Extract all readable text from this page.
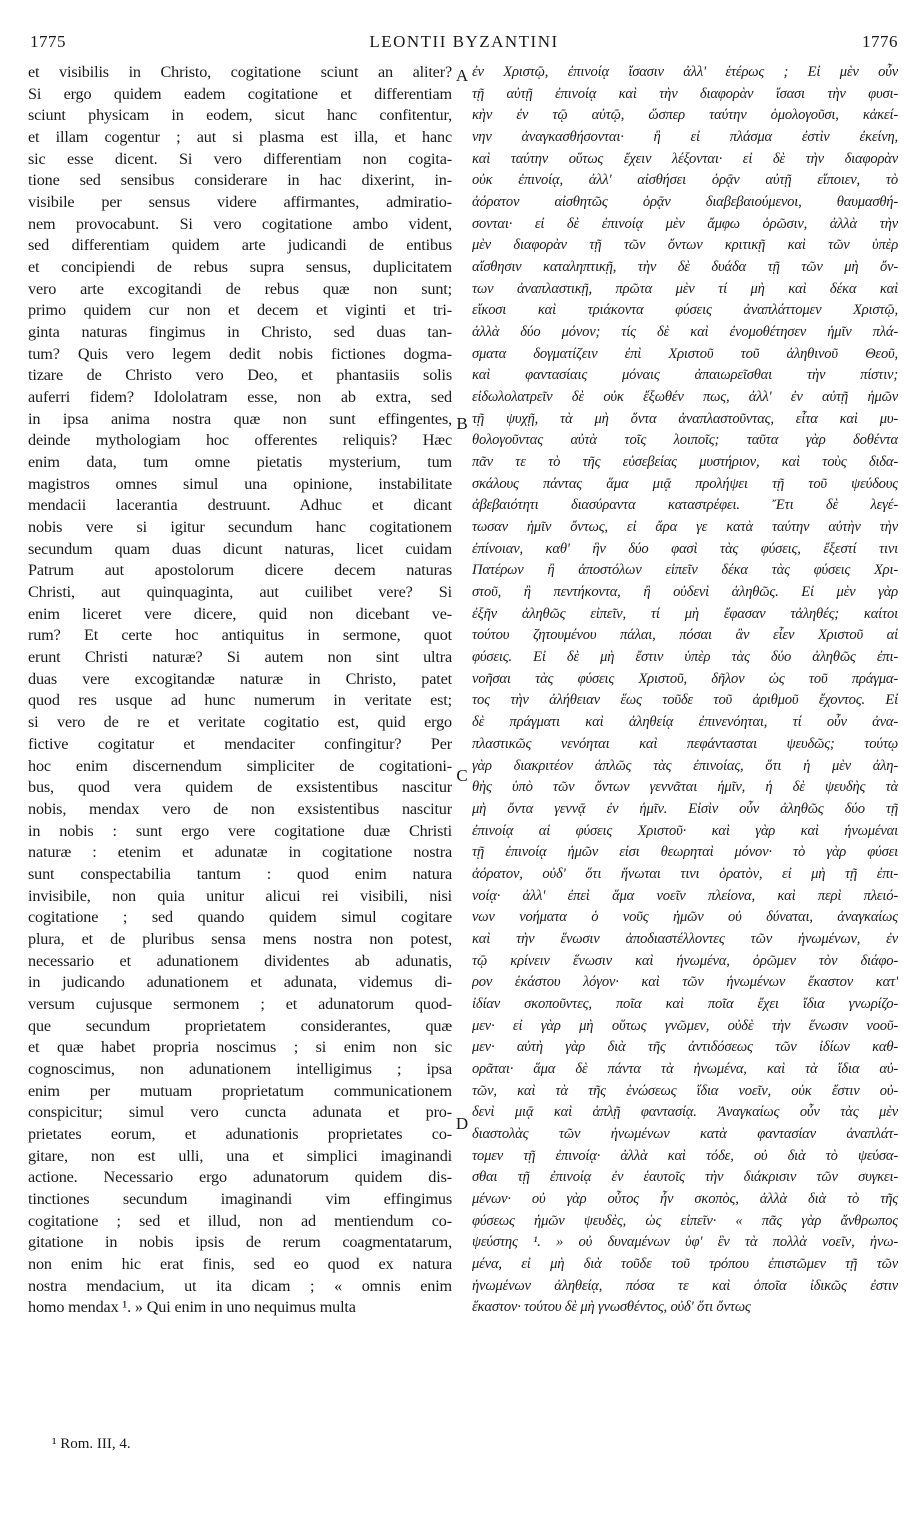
1775	LEONTII BYZANTINI	1776
et visibilis in Christo, cogitatione sciunt an aliter?
Si ergo quidem eadem cogitatione et differentiam
sciunt physicam in eodem, sicut hanc confitentur,
et illam cogentur ; aut si plasma est illa, et hanc
sic esse dicent. Si vero differentiam non cogita-
tione sed sensibus considerare in hac dixerint, in-
visibile per sensus videre affirmantes, admiratio-
nem provocabunt. Si vero cogitatione ambo vident,
sed differentiam quidem arte judicandi de entibus
et concipiendi de rebus supra sensus, duplicitatem
vero arte excogitandi de rebus quæ non sunt;
primo quidem cur non et decem et viginti et tri-
ginta naturas fingimus in Christo, sed duas tan-
tum? Quis vero legem dedit nobis fictiones dogma-
tizare de Christo vero Deo, et phantasiis solis
auferri fidem? Idololatram esse, non ab extra, sed
in ipsa anima nostra quæ non sunt effingentes,
deinde mythologiam hoc offerentes reliquis? Hæc
enim data, tum omne pietatis mysterium, tum
magistros omnes simul una opinione, instabilitate
mendacii lacerantia destruunt. Adhuc et dicant
nobis vere si igitur secundum hanc cogitationem
secundum quam duas dicunt naturas, licet cuidam
Patrum aut apostolorum dicere decem naturas
Christi, aut quinquaginta, aut cuilibet vere? Si
enim liceret vere dicere, quid non dicebant ve-
rum? Et certe hoc antiquitus in sermone, quot
erunt Christi naturæ? Si autem non sint ultra
duas vere excogitandæ naturæ in Christo, patet
quod res usque ad hunc numerum in veritate est;
si vero de re et veritate cogitatio est, quid ergo
fictive cogitatur et mendaciter confingitur? Per
hoc enim discernendum simpliciter de cogitationi-
bus, quod vera quidem de exsistentibus nascitur
nobis, mendax vero de non exsistentibus nascitur
in nobis : sunt ergo vere cogitatione duæ Christi
naturæ : etenim et adunatæ in cogitatione nostra
sunt conspectabilia tantum : quod enim natura
invisibile, non quia unitur alicui rei visibili, nisi
cogitatione ; sed quando quidem simul cogitare
plura, et de pluribus sensa mens nostra non potest,
necessario et adunationem dividentes ab adunatis,
in judicando adunationem et adunata, videmus di-
versum cujusque sermonem ; et adunatorum quod-
que secundum proprietatem considerantes, quæ
et quæ habet propria noscimus ; si enim non sic
cognoscimus, non adunationem intelligimus ; ipsa
enim per mutuam proprietatum communicationem
conspicitur; simul vero cuncta adunata et pro-
prietates eorum, et adunationis proprietates co-
gitare, non est ulli, una et simplici imaginandi
actione. Necessario ergo adunatorum quidem dis-
tinctiones secundum imaginandi vim effingimus
cogitatione ; sed et illud, non ad mentiendum co-
gitatione in nobis ipsis de rerum coagmentatarum,
non enim hic erat finis, sed eo quod ex natura
nostra mendacium, ut ita dicam ; « omnis enim
homo mendax ¹. » Qui enim in uno nequimus multa
ἐν Χριστῷ, ἐπινοίᾳ ἴσασιν ἀλλ' ἑτέρως ; Εἰ μὲν οὖν
τῇ αὐτῇ ἐπινοίᾳ καὶ τὴν διαφορὰν ἴσασι τὴν φυσι-
κὴν ἐν τῷ αὐτῷ, ὥσπερ ταύτην ὁμολογοῦσι, κἀκεί-
νην ἀναγκασθήσονται· ἢ εἰ πλάσμα ἐστὶν ἐκείνη,
καὶ ταύτην οὕτως ἔχειν λέξονται· εἰ δὲ τὴν διαφορὰν
οὐκ ἐπινοίᾳ, ἀλλ' αἰσθήσει ὁρᾷν αὐτῇ εἴποιεν, τὸ
ἀόρατον αἰσθητῶς ὁρᾷν διαβεβαιούμενοι, θαυμασθή-
σονται· εἰ δὲ ἐπινοίᾳ μὲν ἄμφω ὁρῶσιν, ἀλλὰ τὴν
μὲν διαφορὰν τῇ τῶν ὄντων κριτικῇ καὶ τῶν ὑπὲρ
αἴσθησιν καταληπτικῇ, τὴν δὲ δυάδα τῇ τῶν μὴ ὄν-
των ἀναπλαστικῇ, πρῶτα μὲν τί μὴ καὶ δέκα καὶ
εἴκοσι καὶ τριάκοντα φύσεις ἀναπλάττομεν Χριστῷ,
ἀλλὰ δύο μόνον; τίς δὲ καὶ ἐνομοθέτησεν ἡμῖν πλά-
σματα δογματίζειν ἐπὶ Χριστοῦ τοῦ ἀληθινοῦ Θεοῦ,
καὶ φαντασίαις μόναις ἀπαιωρεῖσθαι τὴν πίστιν;
εἰδωλολατρεῖν δὲ οὐκ ἔξωθέν πως, ἀλλ' ἐν αὐτῇ ἡμῶν
τῇ ψυχῇ, τὰ μὴ ὄντα ἀναπλαστοῦντας, εἶτα καὶ μυ-
θολογοῦντας αὐτὰ τοῖς λοιποῖς; ταῦτα γὰρ δοθέντα
πᾶν τε τὸ τῆς εὐσεβείας μυστήριον, καὶ τοὺς διδα-
σκάλους πάντας ἅμα μιᾷ προλήψει τῇ τοῦ ψεύδους
ἀβεβαιότητι διασύραντα καταστρέφει. Ἔτι δὲ λεγέ-
τωσαν ἡμῖν ὄντως, εἰ ἄρα γε κατὰ ταύτην αὐτὴν τὴν
ἐπίνοιαν, καθ' ἣν δύο φασὶ τὰς φύσεις, ἔξεστί τινι
Πατέρων ἢ ἀποστόλων εἰπεῖν δέκα τὰς φύσεις Χρι-
στοῦ, ἢ πεντήκοντα, ἢ οὐδενὶ ἀληθῶς. Εἰ μὲν γὰρ
ἐξῆν ἀληθῶς εἰπεῖν, τί μὴ ἔφασαν τἀληθές; καίτοι
τούτου ζητουμένου πάλαι, πόσαι ἂν εἶεν Χριστοῦ αἱ
φύσεις. Εἰ δὲ μὴ ἔστιν ὑπὲρ τὰς δύο ἀληθῶς ἐπι-
νοῆσαι τὰς φύσεις Χριστοῦ, δῆλον ὡς τοῦ πράγμα-
τος τὴν ἀλήθειαν ἕως τοῦδε τοῦ ἀριθμοῦ ἔχοντος. Εἰ
δὲ πράγματι καὶ ἀληθείᾳ ἐπινενόηται, τί οὖν ἀνα-
πλαστικῶς νενόηται καὶ πεφάντασται ψευδῶς; τούτῳ
γὰρ διακριτέον ἁπλῶς τὰς ἐπινοίας, ὅτι ἡ μὲν ἀλη-
θὴς ὑπὸ τῶν ὄντων γεννᾶται ἡμῖν, ἡ δὲ ψευδὴς τὰ
μὴ ὄντα γεννᾷ ἐν ἡμῖν. Εἰσὶν οὖν ἀληθῶς δύο τῇ
ἐπινοίᾳ αἱ φύσεις Χριστοῦ· καὶ γὰρ καὶ ἡνωμέναι
τῇ ἐπινοίᾳ ἡμῶν εἰσι θεωρηταὶ μόνον· τὸ γὰρ φύσει
ἀόρατον, οὐδ' ὅτι ἥνωται τινι ὁρατὸν, εἰ μὴ τῇ ἐπι-
νοίᾳ· ἀλλ' ἐπεὶ ἅμα νοεῖν πλείονα, καὶ περὶ πλειό-
νων νοήματα ὁ νοῦς ἡμῶν οὐ δύναται, ἀναγκαίως
καὶ τὴν ἕνωσιν ἀποδιαστέλλοντες τῶν ἡνωμένων, ἐν
τῷ κρίνειν ἕνωσιν καὶ ἡνωμένα, ὁρῶμεν τὸν διάφο-
ρον ἑκάστου λόγον· καὶ τῶν ἡνωμένων ἕκαστον κατ'
ἰδίαν σκοποῦντες, ποῖα καὶ ποῖα ἔχει ἴδια γνωρίζο-
μεν· εἰ γὰρ μὴ οὕτως γνῶμεν, οὐδὲ τὴν ἕνωσιν νοοῦ-
μεν· αὐτὴ γὰρ διὰ τῆς ἀντιδόσεως τῶν ἰδίων καθ-
ορᾶται· ἅμα δὲ πάντα τὰ ἡνωμένα, καὶ τὰ ἴδια αὐ-
τῶν, καὶ τὰ τῆς ἑνώσεως ἴδια νοεῖν, οὐκ ἔστιν οὐ-
δενὶ μιᾷ καὶ ἁπλῇ φαντασίᾳ. Ἀναγκαίως οὖν τὰς μὲν
διαστολὰς τῶν ἡνωμένων κατὰ φαντασίαν ἀναπλάτ-
τομεν τῇ ἐπινοίᾳ· ἀλλὰ καὶ τόδε, οὐ διὰ τὸ ψεύσα-
σθαι τῇ ἐπινοίᾳ ἐν ἑαυτοῖς τὴν διάκρισιν τῶν συγκει-
μένων· οὐ γὰρ οὗτος ἦν σκοπὸς, ἀλλὰ διὰ τὸ τῆς
φύσεως ἡμῶν ψευδὲς, ὡς εἰπεῖν· « πᾶς γὰρ ἄνθρωπος
ψεύστης ¹. » οὐ δυναμένων ὑφ' ἓν τὰ πολλὰ νοεῖν, ἡνω-
μένα, εἰ μὴ διὰ τοῦδε τοῦ τρόπου ἐπιστῶμεν τῇ τῶν
ἡνωμένων ἀληθείᾳ, πόσα τε καὶ ὁποῖα ἰδικῶς ἐστιν
ἕκαστον· τούτου δὲ μὴ γνωσθέντος, οὐδ' ὅτι ὄντως
A
B
C
D
¹ Rom. III, 4.
